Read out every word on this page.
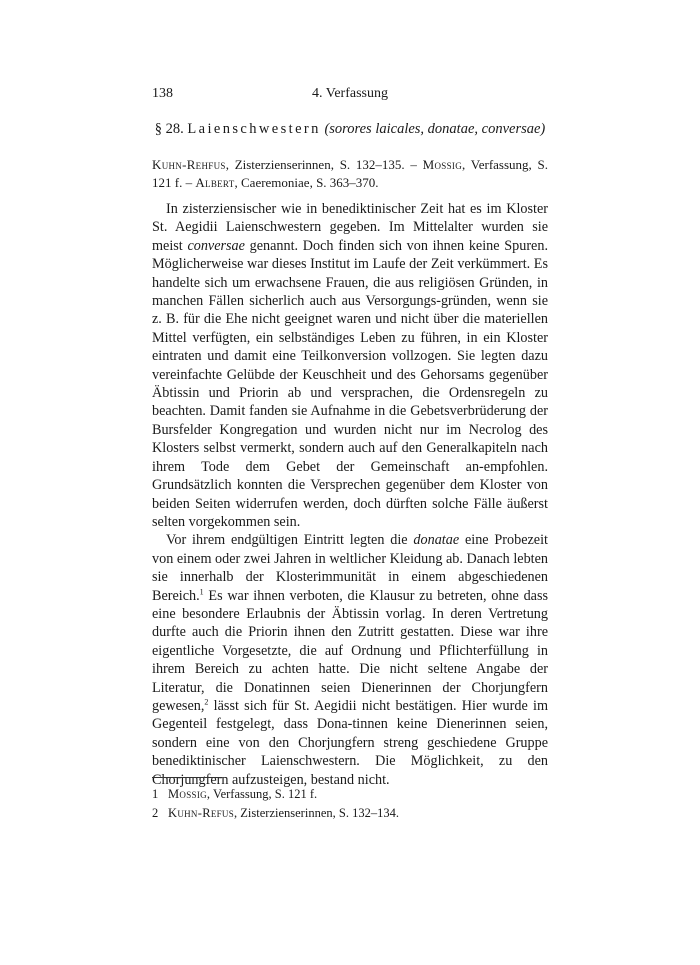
138	4. Verfassung
§ 28. Laienschwestern (sorores laicales, donatae, conversae)
Kuhn-Rehfus, Zisterzienserinnen, S. 132–135. – Mossig, Verfassung, S. 121 f. – Albert, Caeremoniae, S. 363–370.

In zisterziensischer wie in benediktinischer Zeit hat es im Kloster St. Aegidii Laienschwestern gegeben. Im Mittelalter wurden sie meist conversae genannt. Doch finden sich von ihnen keine Spuren. Möglicherweise war dieses Institut im Laufe der Zeit verkümmert. Es handelte sich um erwachsene Frauen, die aus religiösen Gründen, in manchen Fällen sicherlich auch aus Versorgungs-gründen, wenn sie z. B. für die Ehe nicht geeignet waren und nicht über die materiellen Mittel verfügten, ein selbständiges Leben zu führen, in ein Kloster eintraten und damit eine Teilkonversion vollzogen. Sie legten dazu vereinfachte Gelübde der Keuschheit und des Gehorsams gegenüber Äbtissin und Priorin ab und versprachen, die Ordensregeln zu beachten. Damit fanden sie Aufnahme in die Gebetsverbrüderung der Bursfelder Kongregation und wurden nicht nur im Necrolog des Klosters selbst vermerkt, sondern auch auf den Generalkapiteln nach ihrem Tode dem Gebet der Gemeinschaft an-empfohlen. Grundsätzlich konnten die Versprechen gegenüber dem Kloster von beiden Seiten widerrufen werden, doch dürften solche Fälle äußerst selten vorgekommen sein.

Vor ihrem endgültigen Eintritt legten die donatae eine Probezeit von einem oder zwei Jahren in weltlicher Kleidung ab. Danach lebten sie innerhalb der Klosterimmunität in einem abgeschiedenen Bereich.$^1$ Es war ihnen verboten, die Klausur zu betreten, ohne dass eine besondere Erlaubnis der Äbtissin vorlag. In deren Vertretung durfte auch die Priorin ihnen den Zutritt gestatten. Diese war ihre eigentliche Vorgesetzte, die auf Ordnung und Pflichterfüllung in ihrem Bereich zu achten hatte. Die nicht seltene Angabe der Literatur, die Donatinnen seien Dienerinnen der Chorjungfern gewesen,$^2$ lässt sich für St. Aegidii nicht bestätigen. Hier wurde im Gegenteil festgelegt, dass Dona-tinnen keine Dienerinnen seien, sondern eine von den Chorjungfern streng geschiedene Gruppe benediktinischer Laienschwestern. Die Möglichkeit, zu den Chorjungfern aufzusteigen, bestand nicht.

1 Mossig, Verfassung, S. 121 f.
2 Kuhn-Refus, Zisterzienserinnen, S. 132–134.
